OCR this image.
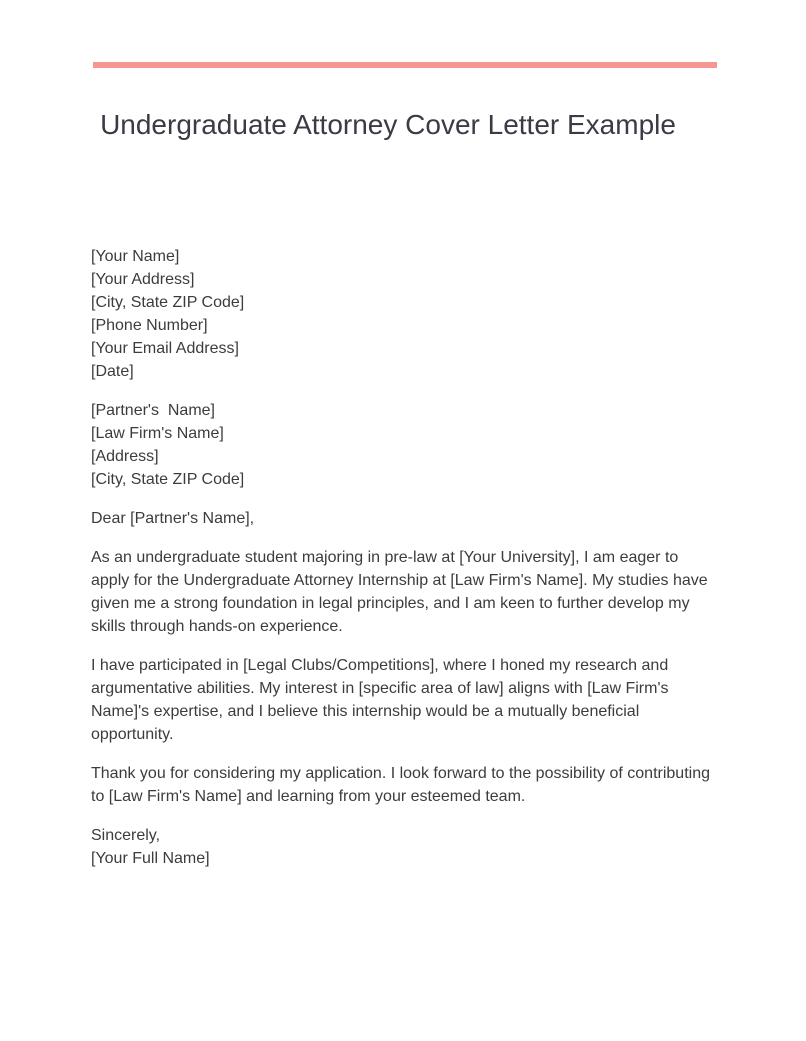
Undergraduate Attorney Cover Letter Example
[Your Name]
[Your Address]
[City, State ZIP Code]
[Phone Number]
[Your Email Address]
[Date]
[Partner's  Name]
[Law Firm's Name]
[Address]
[City, State ZIP Code]

Dear [Partner's Name],

As an undergraduate student majoring in pre-law at [Your University], I am eager to apply for the Undergraduate Attorney Internship at [Law Firm's Name]. My studies have given me a strong foundation in legal principles, and I am keen to further develop my skills through hands-on experience.

I have participated in [Legal Clubs/Competitions], where I honed my research and argumentative abilities. My interest in [specific area of law] aligns with [Law Firm's Name]'s expertise, and I believe this internship would be a mutually beneficial opportunity.

Thank you for considering my application. I look forward to the possibility of contributing to [Law Firm's Name] and learning from your esteemed team.

Sincerely,
[Your Full Name]
